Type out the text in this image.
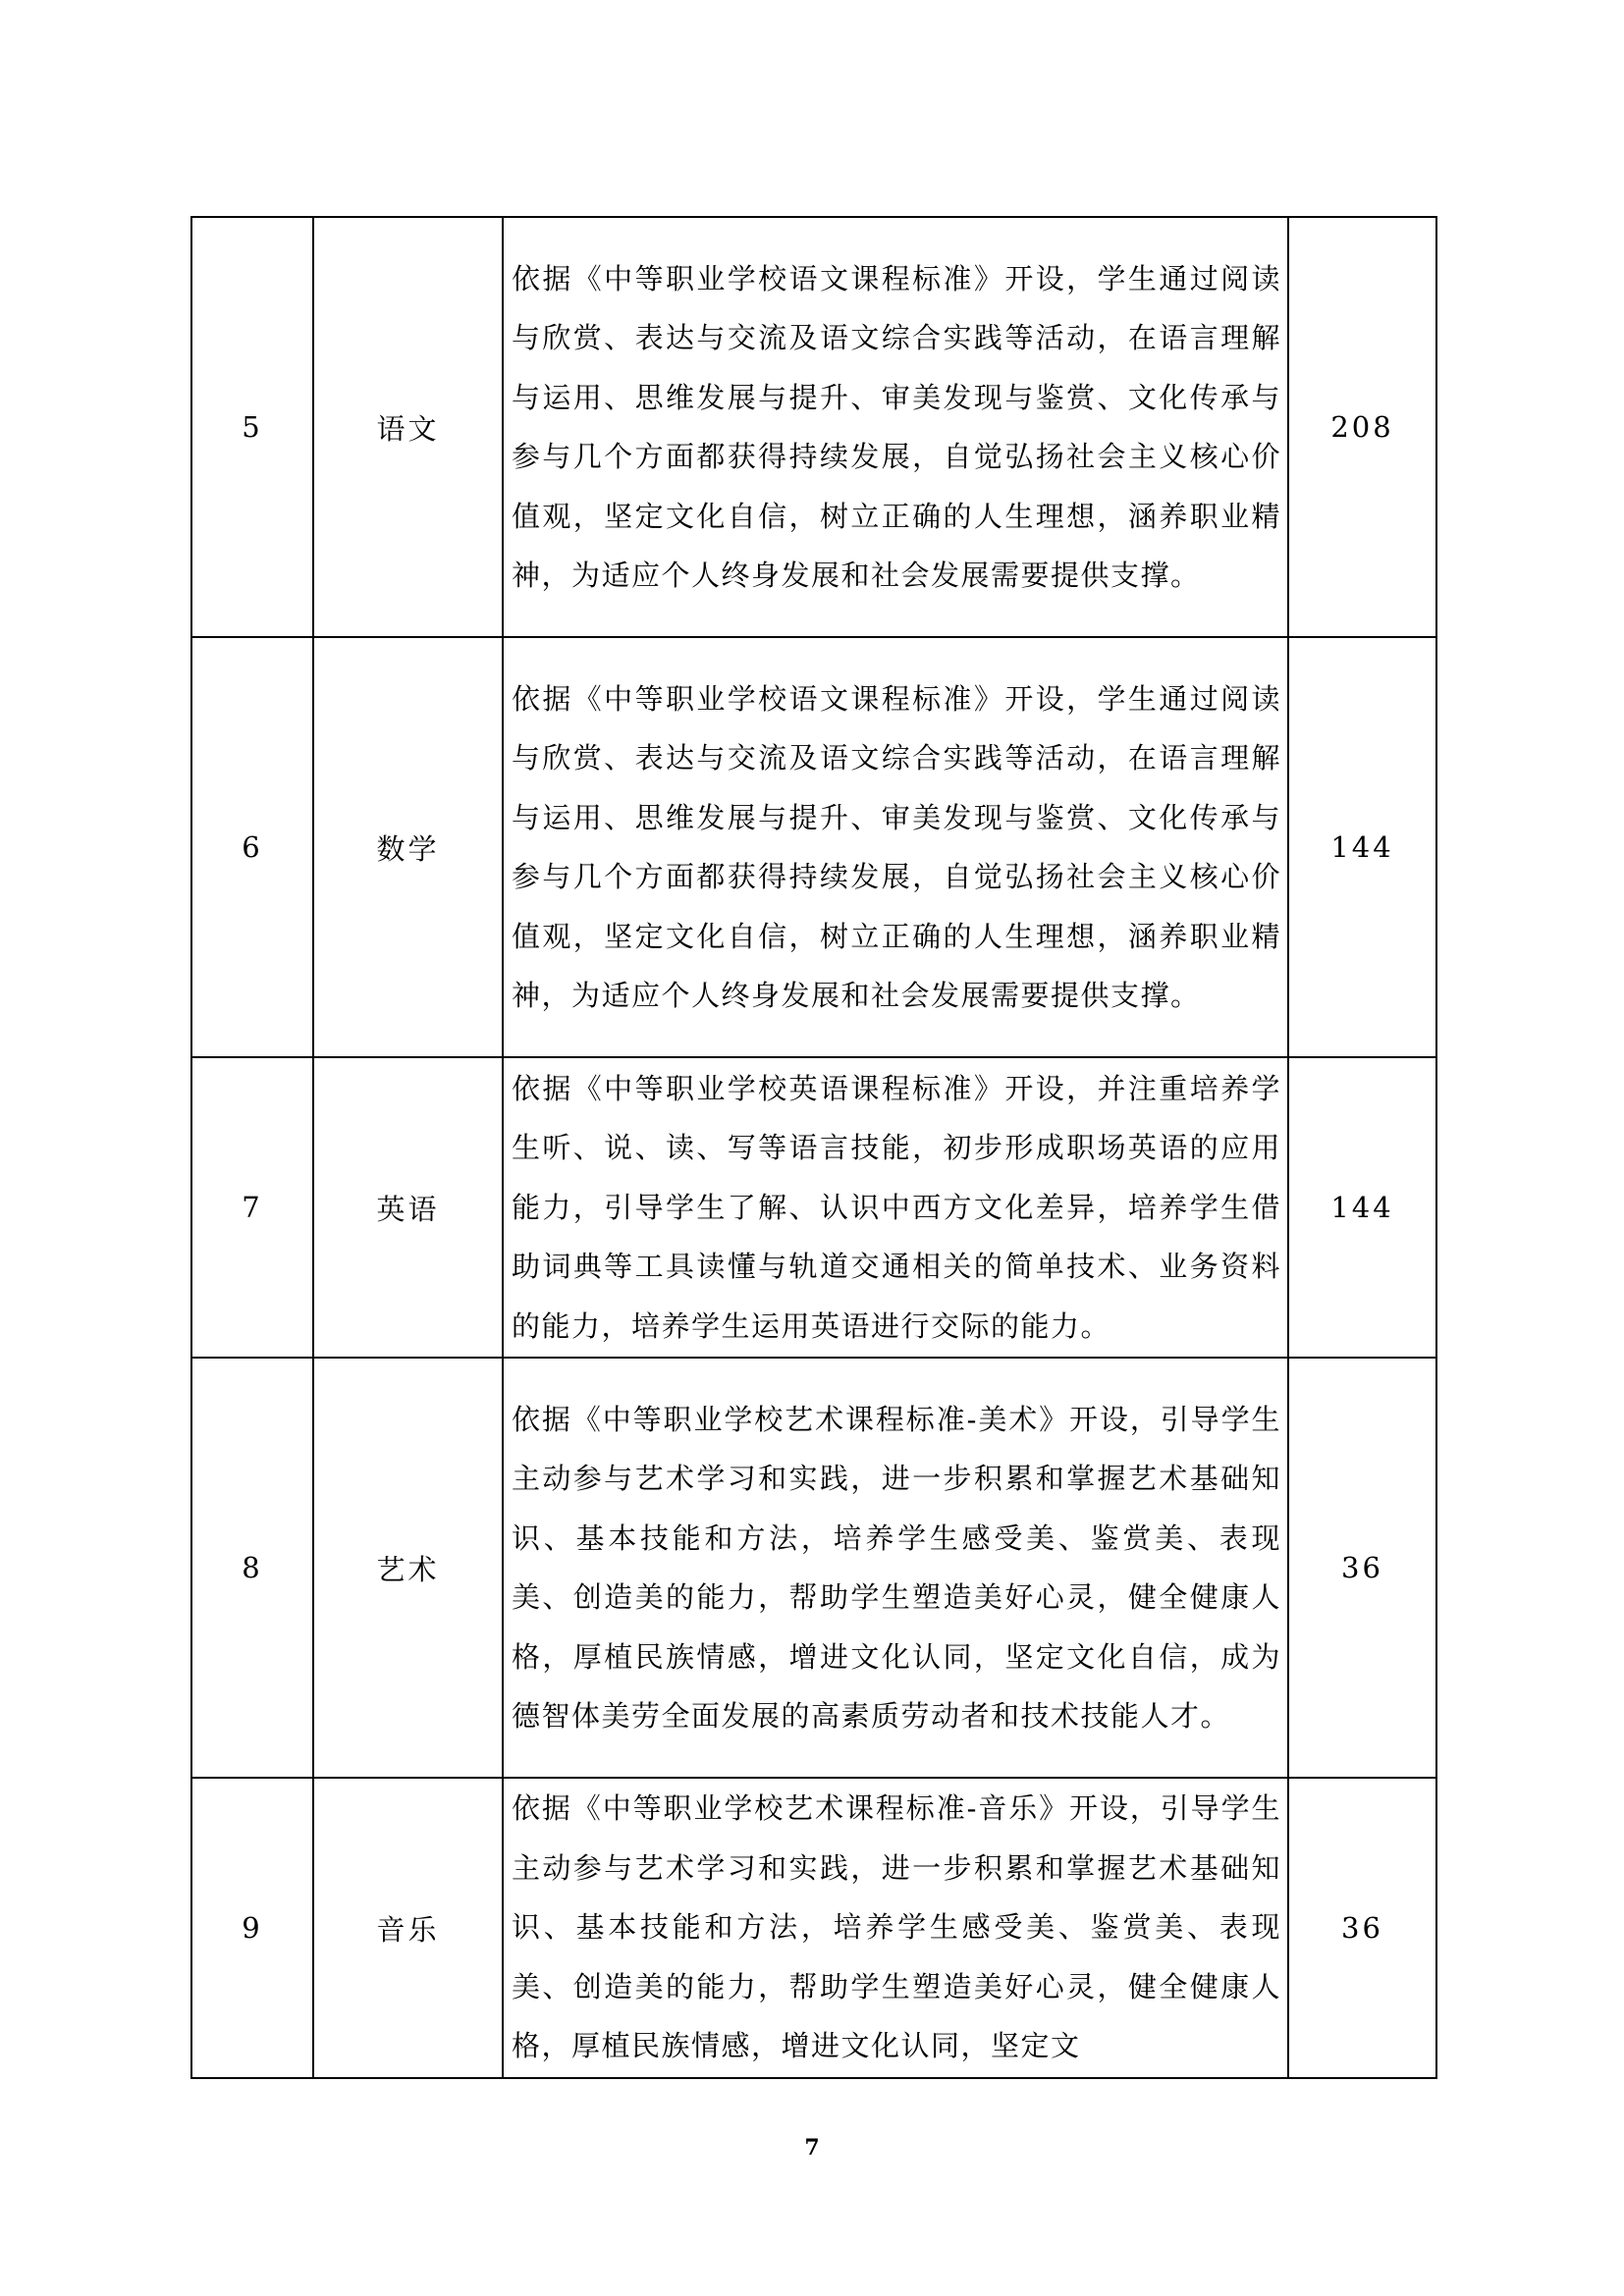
5	语文	依据《中等职业学校语文课程标准》开设，学生通过阅读与欣赏、表达与交流及语文综合实践等活动，在语言理解与运用、思维发展与提升、审美发现与鉴赏、文化传承与参与几个方面都获得持续发展，自觉弘扬社会主义核心价值观，坚定文化自信，树立正确的人生理想，涵养职业精神，为适应个人终身发展和社会发展需要提供支撑。	208
6	数学	依据《中等职业学校语文课程标准》开设，学生通过阅读与欣赏、表达与交流及语文综合实践等活动，在语言理解与运用、思维发展与提升、审美发现与鉴赏、文化传承与参与几个方面都获得持续发展，自觉弘扬社会主义核心价值观，坚定文化自信，树立正确的人生理想，涵养职业精神，为适应个人终身发展和社会发展需要提供支撑。	144
7	英语	依据《中等职业学校英语课程标准》开设，并注重培养学生听、说、读、写等语言技能，初步形成职场英语的应用能力，引导学生了解、认识中西方文化差异，培养学生借助词典等工具读懂与轨道交通相关的简单技术、业务资料的能力，培养学生运用英语进行交际的能力。	144
8	艺术	依据《中等职业学校艺术课程标准-美术》开设，引导学生主动参与艺术学习和实践，进一步积累和掌握艺术基础知识、基本技能和方法，培养学生感受美、鉴赏美、表现美、创造美的能力，帮助学生塑造美好心灵，健全健康人格，厚植民族情感，增进文化认同，坚定文化自信，成为德智体美劳全面发展的高素质劳动者和技术技能人才。	36
9	音乐	依据《中等职业学校艺术课程标准-音乐》开设，引导学生主动参与艺术学习和实践，进一步积累和掌握艺术基础知识、基本技能和方法，培养学生感受美、鉴赏美、表现美、创造美的能力，帮助学生塑造美好心灵，健全健康人格，厚植民族情感，增进文化认同，坚定文	36
7
